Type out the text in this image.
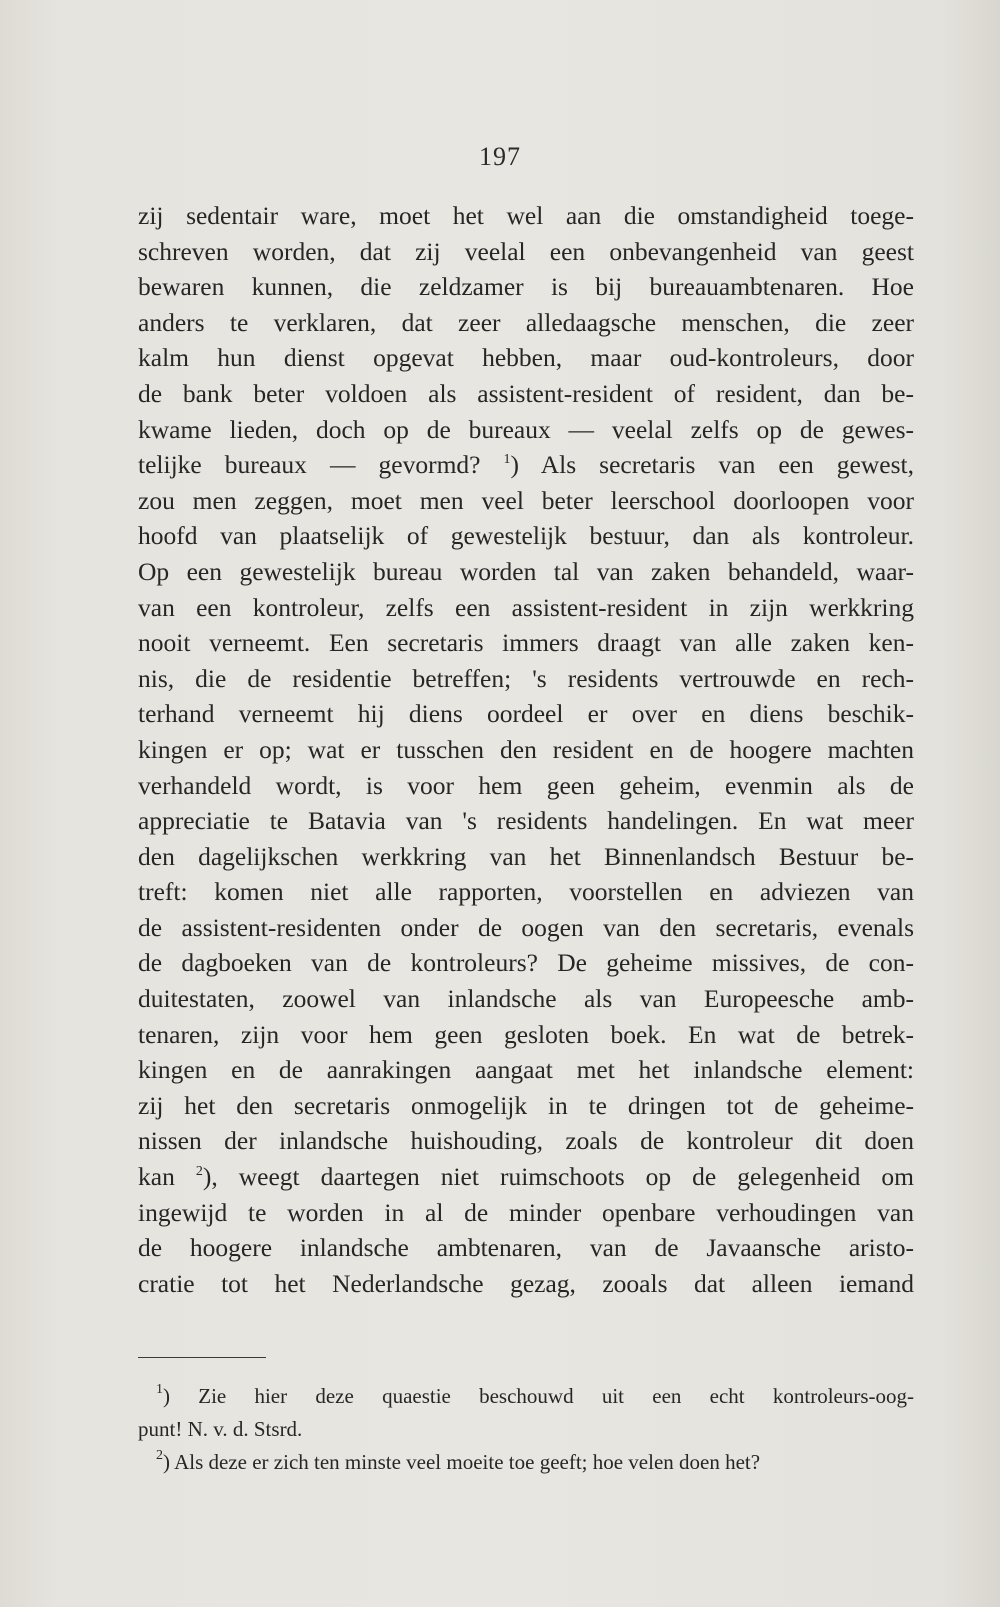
197
zij sedentair ware, moet het wel aan die omstandigheid toege-
schreven worden, dat zij veelal een onbevangenheid van geest
bewaren kunnen, die zeldzamer is bij bureauambtenaren. Hoe
anders te verklaren, dat zeer alledaagsche menschen, die zeer
kalm hun dienst opgevat hebben, maar oud-kontroleurs, door
de bank beter voldoen als assistent-resident of resident, dan be-
kwame lieden, doch op de bureaux — veelal zelfs op de gewes-
telijke bureaux — gevormd? $^1$) Als secretaris van een gewest,
zou men zeggen, moet men veel beter leerschool doorloopen voor
hoofd van plaatselijk of gewestelijk bestuur, dan als kontroleur.
Op een gewestelijk bureau worden tal van zaken behandeld, waar-
van een kontroleur, zelfs een assistent-resident in zijn werkkring
nooit verneemt. Een secretaris immers draagt van alle zaken ken-
nis, die de residentie betreffen; 's residents vertrouwde en rech-
terhand verneemt hij diens oordeel er over en diens beschik-
kingen er op; wat er tusschen den resident en de hoogere machten
verhandeld wordt, is voor hem geen geheim, evenmin als de
appreciatie te Batavia van 's residents handelingen. En wat meer
den dagelijkschen werkkring van het Binnenlandsch Bestuur be-
treft: komen niet alle rapporten, voorstellen en adviezen van
de assistent-residenten onder de oogen van den secretaris, evenals
de dagboeken van de kontroleurs? De geheime missives, de con-
duitestaten, zoowel van inlandsche als van Europeesche amb-
tenaren, zijn voor hem geen gesloten boek. En wat de betrek-
kingen en de aanrakingen aangaat met het inlandsche element:
zij het den secretaris onmogelijk in te dringen tot de geheime-
nissen der inlandsche huishouding, zoals de kontroleur dit doen
kan $^2$), weegt daartegen niet ruimschoots op de gelegenheid om
ingewijd te worden in al de minder openbare verhoudingen van
de hoogere inlandsche ambtenaren, van de Javaansche aristo-
cratie tot het Nederlandsche gezag, zooals dat alleen iemand
$^1$) Zie hier deze quaestie beschouwd uit een echt kontroleurs-oog-
punt! N. v. d. Stsrd.
$^2$) Als deze er zich ten minste veel moeite toe geeft; hoe velen doen het?
